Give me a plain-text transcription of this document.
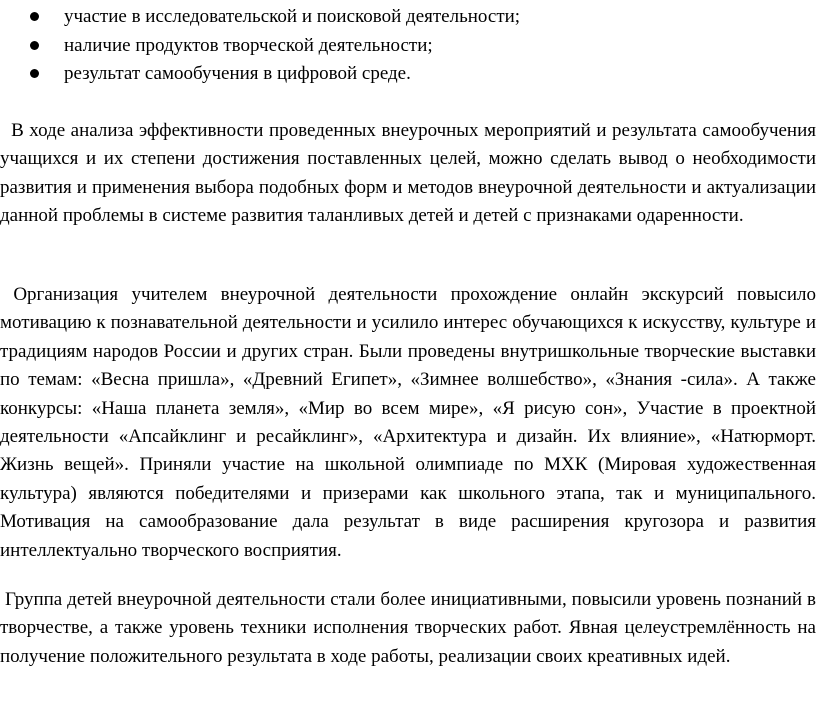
участие в исследовательской и поисковой деятельности;
наличие продуктов творческой деятельности;
результат самообучения в цифровой среде.

В ходе анализа эффективности проведенных внеурочных мероприятий и результата самообучения учащихся и их степени достижения поставленных целей, можно сделать вывод о необходимости развития и применения выбора подобных форм и методов внеурочной деятельности и актуализации данной проблемы в системе развития таланливых детей и детей с признаками одаренности.

Организация учителем внеурочной деятельности прохождение онлайн экскурсий повысило мотивацию к познавательной деятельности и усилило интерес обучающихся к искусству, культуре и традициям народов России и других стран. Были проведены внутришкольные творческие выставки по темам: «Весна пришла», «Древний Египет», «Зимнее волшебство», «Знания -сила». А также конкурсы: «Наша планета земля», «Мир во всем мире», «Я рисую сон», Участие в проектной деятельности «Апсайклинг и ресайклинг», «Архитектура и дизайн. Их влияние», «Натюрморт. Жизнь вещей». Приняли участие на школьной олимпиаде по МХК (Мировая художественная культура) являются победителями и призерами как школьного этапа, так и муниципального. Мотивация на самообразование дала результат в виде расширения кругозора и развития интеллектуально творческого восприятия.

Группа детей внеурочной деятельности стали более инициативными, повысили уровень познаний в творчестве, а также уровень техники исполнения творческих работ. Явная целеустремлённость на получение положительного результата в ходе работы, реализации своих креативных идей.
